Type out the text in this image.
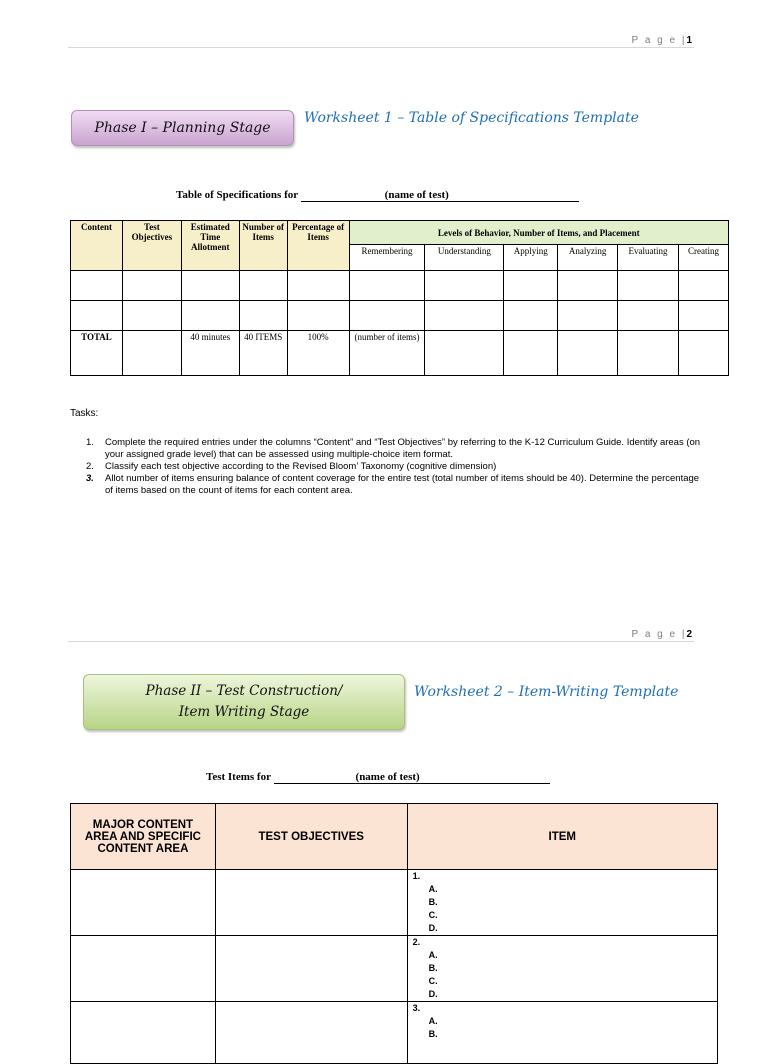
P a g e |1
Phase I – Planning Stage
Worksheet 1 – Table of Specifications Template
Table of Specifications for	(name of test)
Content	Test Objectives	Estimated Time Allotment	Number of Items	Percentage of Items	Levels of Behavior, Number of Items, and Placement					
					Remembering	Understanding	Applying	Analyzing	Evaluating	Creating

TOTAL		40 minutes	40 ITEMS	100%	(number of items)					
Tasks:
1. Complete the required entries under the columns “Content” and “Test Objectives” by referring to the K-12 Curriculum Guide. Identify areas (on your assigned grade level) that can be assessed using multiple-choice item format.
2. Classify each test objective according to the Revised Bloom’ Taxonomy (cognitive dimension)
3. Allot number of items ensuring balance of content coverage for the entire test (total number of items should be 40). Determine the percentage of items based on the count of items for each content area.
P a g e |2
Phase II – Test Construction/
Item Writing Stage
Worksheet 2 – Item-Writing Template
Test Items for	(name of test)
MAJOR CONTENT AREA AND SPECIFIC CONTENT AREA	TEST OBJECTIVES	ITEM

		1.
A.
B.
C.
D.

		2.
A.
B.
C.
D.

		3.
A.
B.
